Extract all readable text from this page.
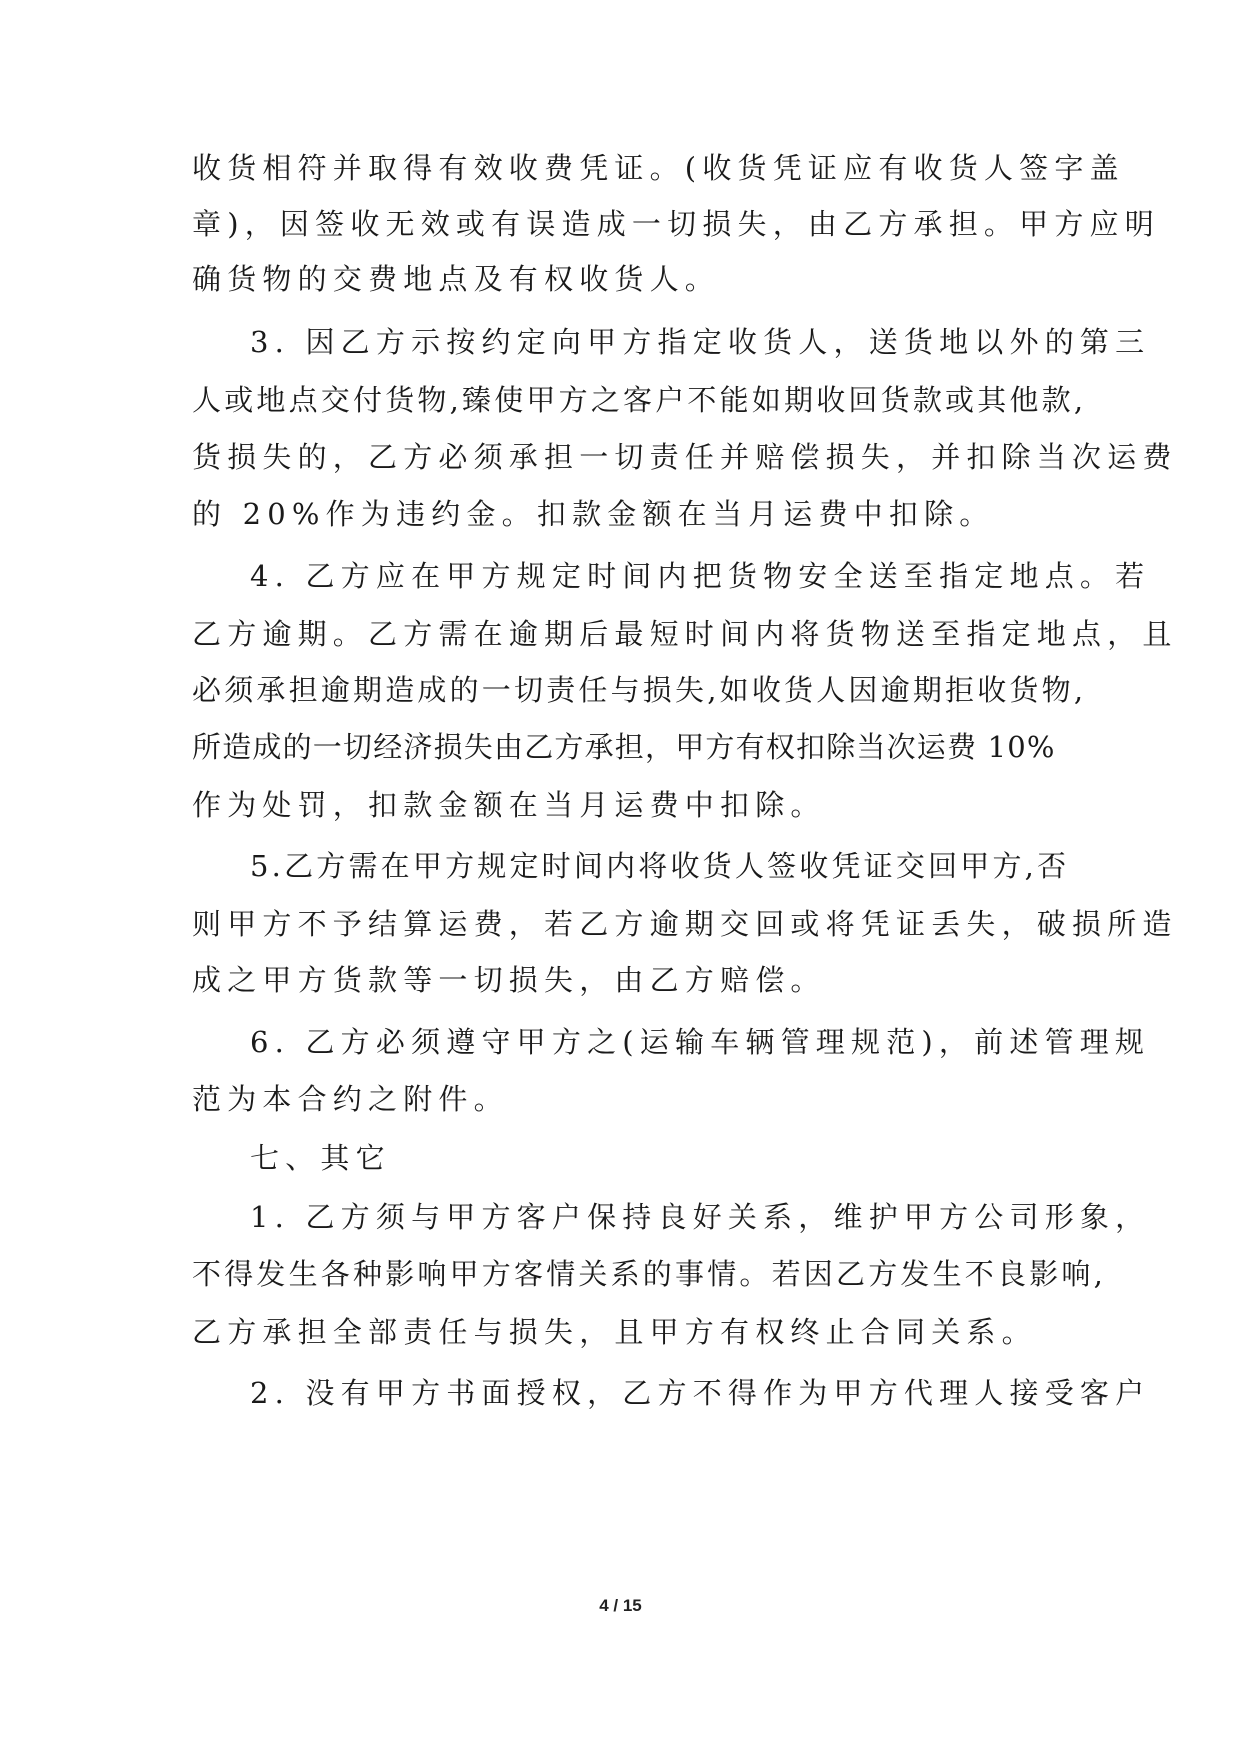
收货相符并取得有效收费凭证。(收货凭证应有收货人签字盖
章)，因签收无效或有误造成一切损失，由乙方承担。甲方应明
确货物的交费地点及有权收货人。
3. 因乙方示按约定向甲方指定收货人，送货地以外的第三
人或地点交付货物,臻使甲方之客户不能如期收回货款或其他款,
货损失的，乙方必须承担一切责任并赔偿损失，并扣除当次运费
的 20%作为违约金。扣款金额在当月运费中扣除。
4. 乙方应在甲方规定时间内把货物安全送至指定地点。若
乙方逾期。乙方需在逾期后最短时间内将货物送至指定地点，且
必须承担逾期造成的一切责任与损失,如收货人因逾期拒收货物,
所造成的一切经济损失由乙方承担，甲方有权扣除当次运费 10%
作为处罚，扣款金额在当月运费中扣除。
5.乙方需在甲方规定时间内将收货人签收凭证交回甲方,否
则甲方不予结算运费，若乙方逾期交回或将凭证丢失，破损所造
成之甲方货款等一切损失，由乙方赔偿。
6. 乙方必须遵守甲方之(运输车辆管理规范)，前述管理规
范为本合约之附件。
七、其它
1. 乙方须与甲方客户保持良好关系，维护甲方公司形象，
不得发生各种影响甲方客情关系的事情。若因乙方发生不良影响,
乙方承担全部责任与损失，且甲方有权终止合同关系。
2. 没有甲方书面授权，乙方不得作为甲方代理人接受客户
4 / 15
